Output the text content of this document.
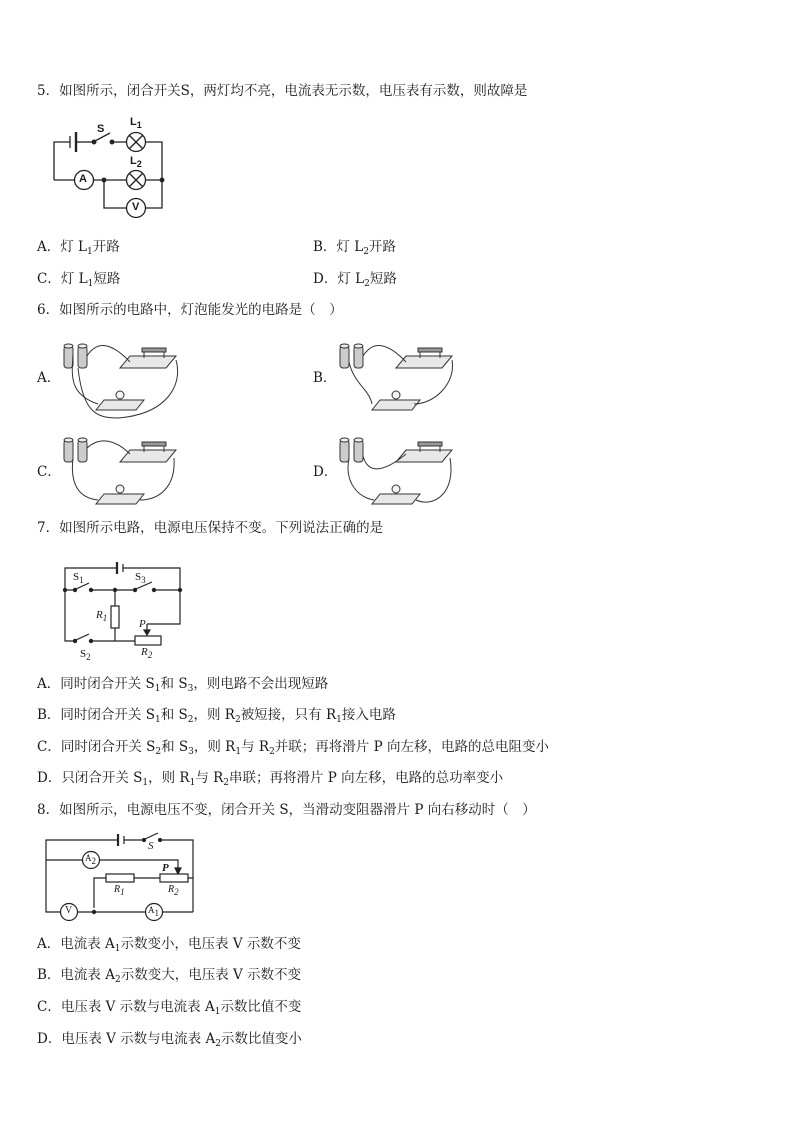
5．如图所示，闭合开关S，两灯均不亮，电流表无示数，电压表有示数，则故障是
S
$L_1$
$L_2$
A
V
A．灯 $L_1$开路	B．灯 $L_2$开路
C．灯 $L_1$短路	D．灯 $L_2$短路
6．如图所示的电路中，灯泡能发光的电路是（　）
A．	B．
C．	D．
7．如图所示电路，电源电压保持不变。下列说法正确的是
$S_1$	$S_3$
$R_1$	P
$S_2$	$R_2$
A．同时闭合开关 $S_1$和 $S_3$，则电路不会出现短路
B．同时闭合开关 $S_1$和 $S_2$，则 $R_2$被短接，只有 $R_1$接入电路
C．同时闭合开关 $S_2$和 $S_3$，则 $R_1$与 $R_2$并联；再将滑片 P 向左移，电路的总电阻变小
D．只闭合开关 $S_1$，则 $R_1$与 $R_2$串联；再将滑片 P 向左移，电路的总功率变小
8．如图所示，电源电压不变，闭合开关 S，当滑动变阻器滑片 P 向右移动时（　）
S
$A_2$
P
$R_1$	$R_2$
V	$A_1$
A．电流表 $A_1$示数变小，电压表 V 示数不变
B．电流表 $A_2$示数变大，电压表 V 示数不变
C．电压表 V 示数与电流表 $A_1$示数比值不变
D．电压表 V 示数与电流表 $A_2$示数比值变小
